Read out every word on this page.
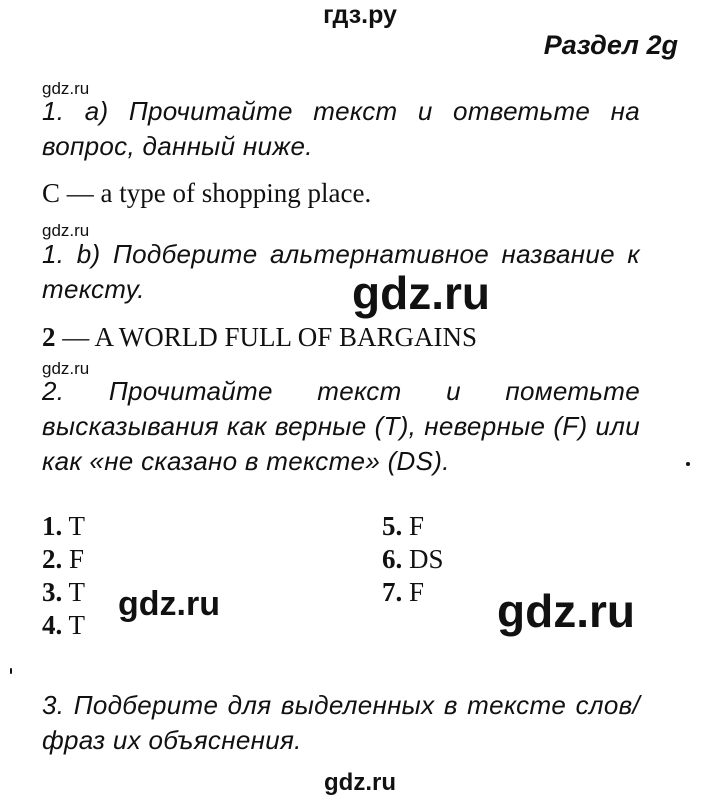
гдз.ру
Раздел 2g
gdz.ru
1. a) Прочитайте текст и ответьте на вопрос, данный ниже.
C — a type of shopping place.
gdz.ru
1. b) Подберите альтернативное название к тексту.	gdz.ru
2 — A WORLD FULL OF BARGAINS
gdz.ru
2. Прочитайте текст и пометьте высказывания как верные (T), неверные (F) или как «не сказано в тексте» (DS).
1. T
2. F
3. T
4. T
5. F
6. DS
7. F
gdz.ru	gdz.ru
3. Подберите для выделенных в тексте слов/фраз их объяснения.
gdz.ru
